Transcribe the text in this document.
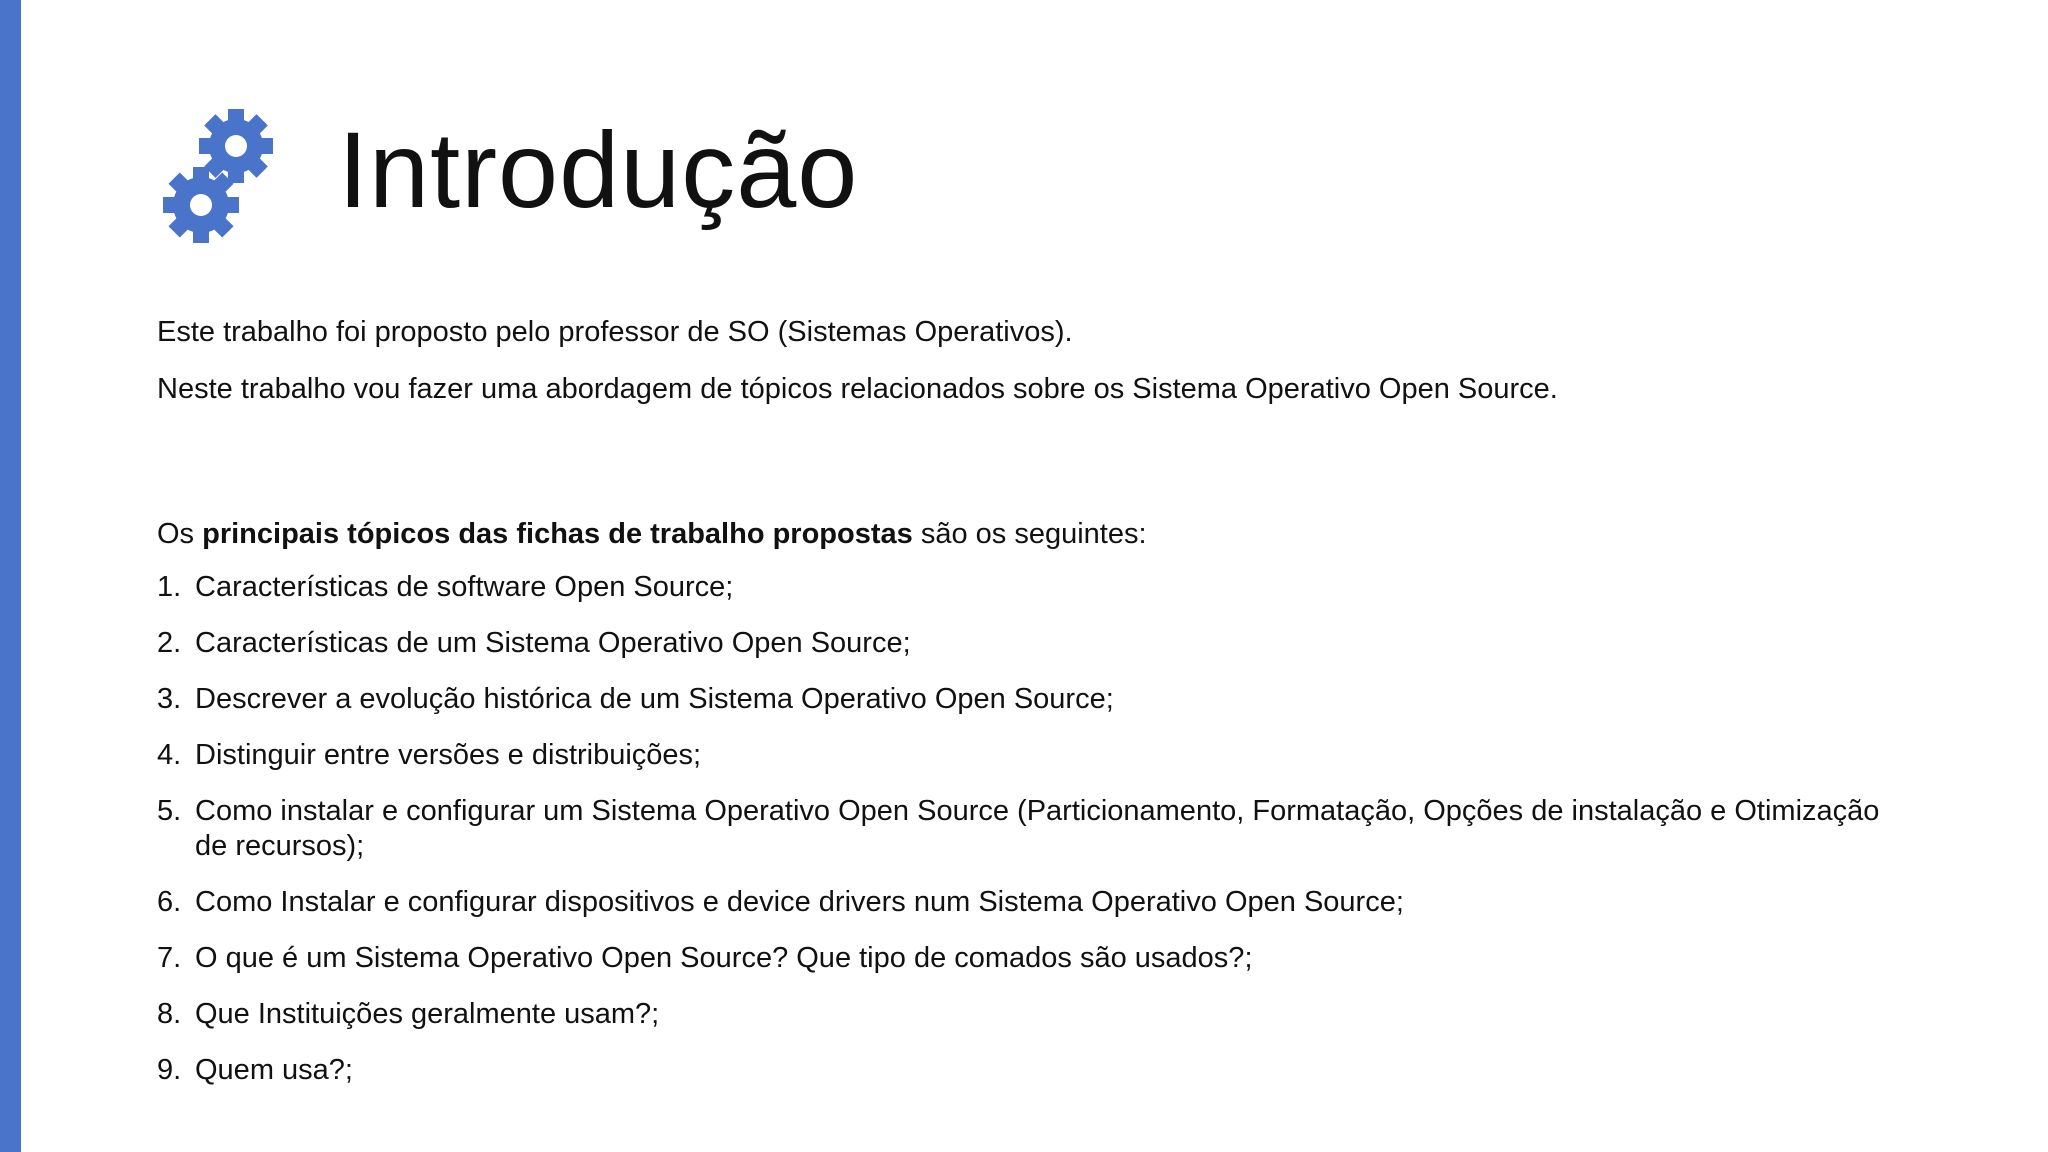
Introdução
Este trabalho foi proposto pelo professor de SO (Sistemas Operativos).
Neste trabalho vou fazer uma abordagem de tópicos relacionados sobre os Sistema Operativo Open Source.
Os principais tópicos das fichas de trabalho propostas são os seguintes:
1. Características de software Open Source;
2. Características de um Sistema Operativo Open Source;
3. Descrever a evolução histórica de um Sistema Operativo Open Source;
4. Distinguir entre versões e distribuições;
5. Como instalar e configurar um Sistema Operativo Open Source (Particionamento, Formatação, Opções de instalação e Otimização de recursos);
6. Como Instalar e configurar dispositivos e device drivers num Sistema Operativo Open Source;
7. O que é um Sistema Operativo Open Source? Que tipo de comados são usados?;
8. Que Instituições geralmente usam?;
9. Quem usa?;
